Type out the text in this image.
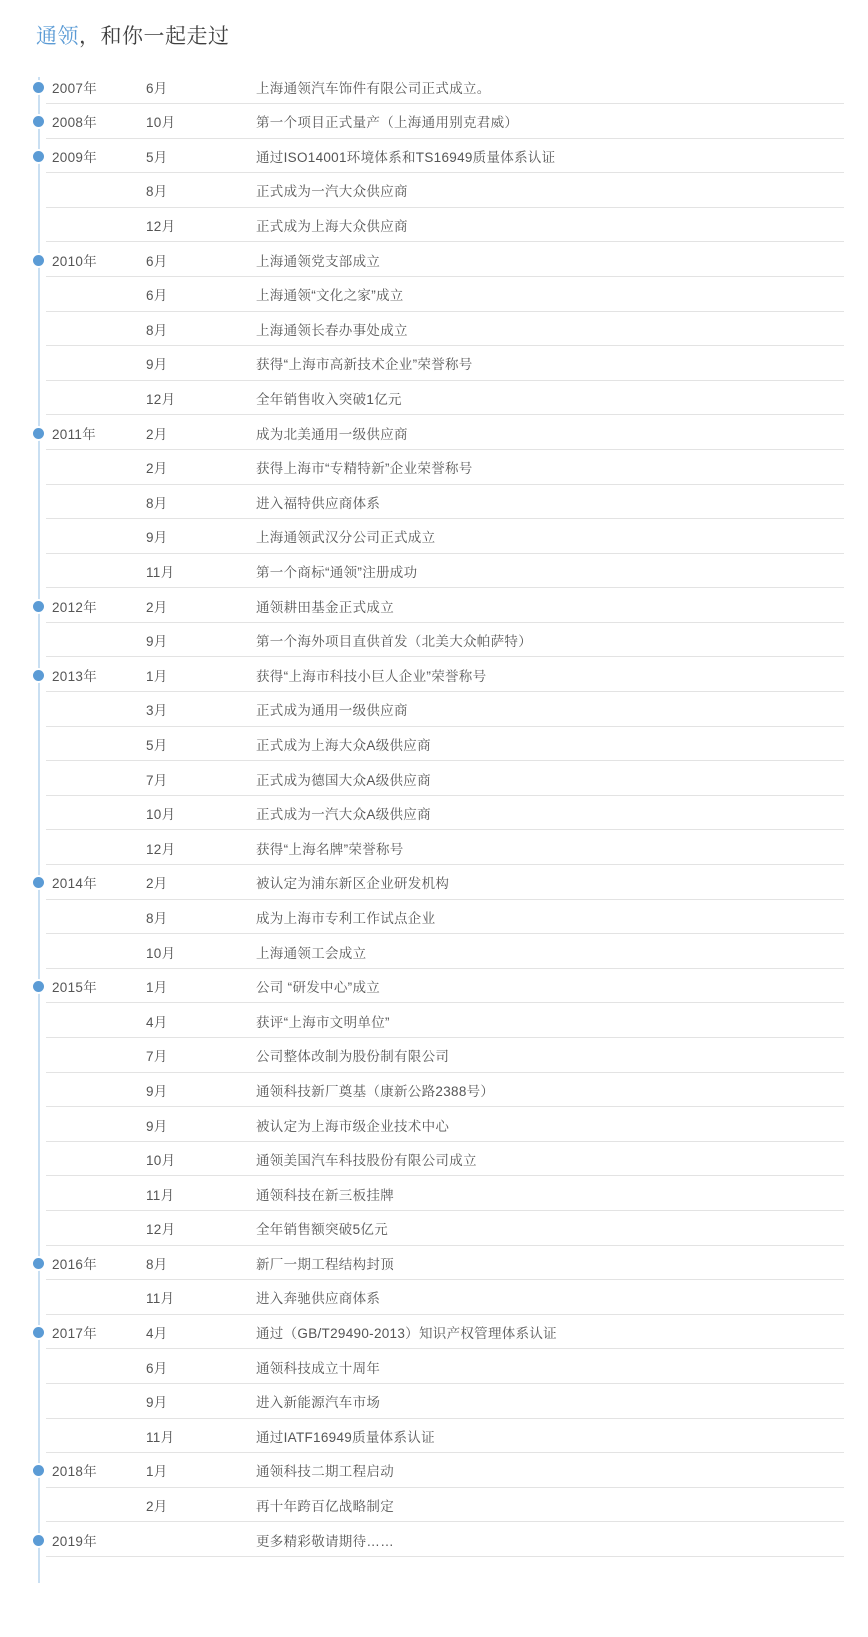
通领，和你一起走过
2007年	6月	上海通领汽车饰件有限公司正式成立。
2008年	10月	第一个项目正式量产（上海通用别克君威）
2009年	5月	通过ISO14001环境体系和TS16949质量体系认证
8月	正式成为一汽大众供应商
12月	正式成为上海大众供应商
2010年	6月	上海通领党支部成立
6月	上海通领“文化之家”成立
8月	上海通领长春办事处成立
9月	获得“上海市高新技术企业”荣誉称号
12月	全年销售收入突破1亿元
2011年	2月	成为北美通用一级供应商
2月	获得上海市“专精特新”企业荣誉称号
8月	进入福特供应商体系
9月	上海通领武汉分公司正式成立
11月	第一个商标“通领”注册成功
2012年	2月	通领耕田基金正式成立
9月	第一个海外项目直供首发（北美大众帕萨特）
2013年	1月	获得“上海市科技小巨人企业”荣誉称号
3月	正式成为通用一级供应商
5月	正式成为上海大众A级供应商
7月	正式成为德国大众A级供应商
10月	正式成为一汽大众A级供应商
12月	获得“上海名牌”荣誉称号
2014年	2月	被认定为浦东新区企业研发机构
8月	成为上海市专利工作试点企业
10月	上海通领工会成立
2015年	1月	公司 “研发中心”成立
4月	获评“上海市文明单位”
7月	公司整体改制为股份制有限公司
9月	通领科技新厂奠基（康新公路2388号）
9月	被认定为上海市级企业技术中心
10月	通领美国汽车科技股份有限公司成立
11月	通领科技在新三板挂牌
12月	全年销售额突破5亿元
2016年	8月	新厂一期工程结构封顶
11月	进入奔驰供应商体系
2017年	4月	通过（GB/T29490-2013）知识产权管理体系认证
6月	通领科技成立十周年
9月	进入新能源汽车市场
11月	通过IATF16949质量体系认证
2018年	1月	通领科技二期工程启动
2月	再十年跨百亿战略制定
2019年	更多精彩敬请期待……
